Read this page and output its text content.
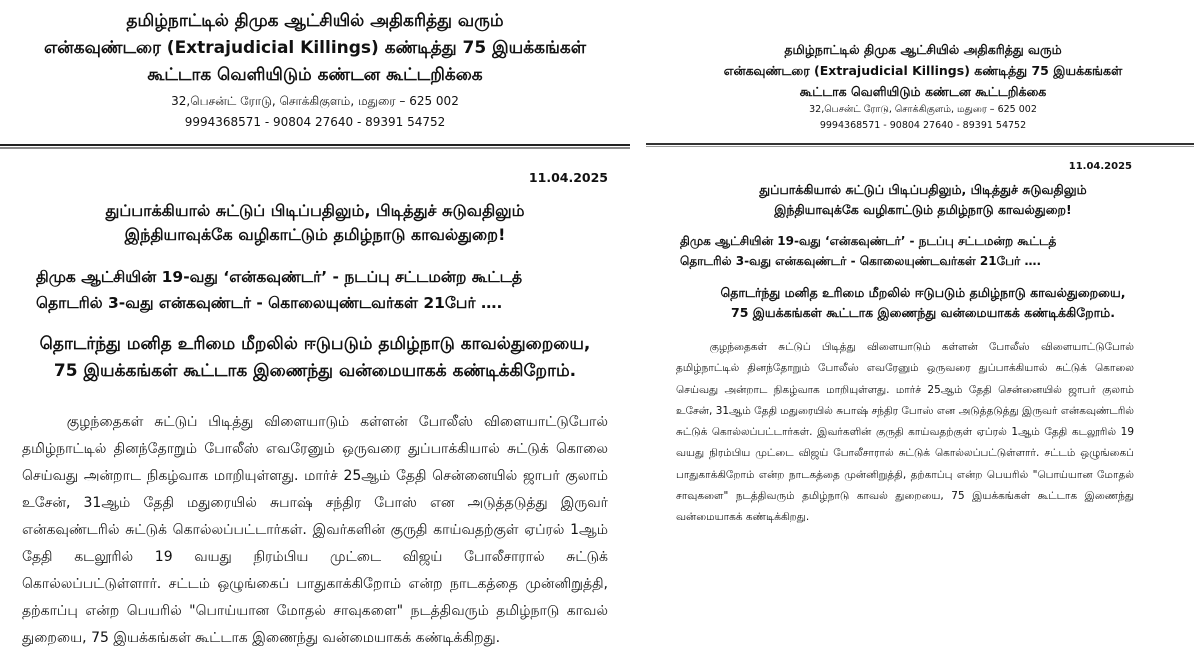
தமிழ்நாட்டில் திமுக ஆட்சியில் அதிகரித்து வரும்
என்கவுண்டரை (Extrajudicial Killings) கண்டித்து 75 இயக்கங்கள்
கூட்டாக வெளியிடும் கண்டன கூட்டறிக்கை
32,பெசன்ட் ரோடு, சொக்கிகுளம், மதுரை – 625 002
9994368571 - 90804 27640 - 89391 54752
11.04.2025
துப்பாக்கியால் சுட்டுப் பிடிப்பதிலும், பிடித்துச் சுடுவதிலும்
இந்தியாவுக்கே வழிகாட்டும் தமிழ்நாடு காவல்துறை!
திமுக ஆட்சியின் 19-வது ‘என்கவுண்டர்’ - நடப்பு சட்டமன்ற கூட்டத்
தொடரில் 3-வது என்கவுண்டர் - கொலையுண்டவர்கள் 21பேர் ….
தொடர்ந்து மனித உரிமை மீறலில் ஈடுபடும் தமிழ்நாடு காவல்துறையை,
75 இயக்கங்கள் கூட்டாக இணைந்து வன்மையாகக் கண்டிக்கிறோம்.
குழந்தைகள் சுட்டுப் பிடித்து விளையாடும் கள்ளன் போலீஸ் விளையாட்டுபோல் தமிழ்நாட்டில் தினந்தோறும் போலீஸ் எவரேனும் ஒருவரை துப்பாக்கியால் சுட்டுக் கொலை செய்வது அன்றாட நிகழ்வாக மாறியுள்ளது. மார்ச் 25ஆம் தேதி சென்னையில் ஜாபர் குலாம் உசேன், 31ஆம் தேதி மதுரையில் சுபாஷ் சந்திர போஸ் என அடுத்தடுத்து இருவர் என்கவுண்டரில் சுட்டுக் கொல்லப்பட்டார்கள். இவர்களின் குருதி காய்வதற்குள் ஏப்ரல் 1ஆம் தேதி கடலூரில் 19 வயது நிரம்பிய முட்டை விஜய் போலீசாரால் சுட்டுக் கொல்லப்பட்டுள்ளார். சட்டம் ஒழுங்கைப் பாதுகாக்கிறோம் என்ற நாடகத்தை முன்னிறுத்தி, தற்காப்பு என்ற பெயரில் "பொய்யான மோதல் சாவுகளை" நடத்திவரும் தமிழ்நாடு காவல் துறையை, 75 இயக்கங்கள் கூட்டாக இணைந்து வன்மையாகக் கண்டிக்கிறது.
தமிழ்நாட்டில் திமுக ஆட்சியில் அதிகரித்து வரும்
என்கவுண்டரை (Extrajudicial Killings) கண்டித்து 75 இயக்கங்கள்
கூட்டாக வெளியிடும் கண்டன கூட்டறிக்கை
32,பெசன்ட் ரோடு, சொக்கிகுளம், மதுரை – 625 002
9994368571 - 90804 27640 - 89391 54752
11.04.2025
துப்பாக்கியால் சுட்டுப் பிடிப்பதிலும், பிடித்துச் சுடுவதிலும்
இந்தியாவுக்கே வழிகாட்டும் தமிழ்நாடு காவல்துறை!
திமுக ஆட்சியின் 19-வது ‘என்கவுண்டர்’ - நடப்பு சட்டமன்ற கூட்டத்
தொடரில் 3-வது என்கவுண்டர் - கொலையுண்டவர்கள் 21பேர் ….
தொடர்ந்து மனித உரிமை மீறலில் ஈடுபடும் தமிழ்நாடு காவல்துறையை,
75 இயக்கங்கள் கூட்டாக இணைந்து வன்மையாகக் கண்டிக்கிறோம்.
குழந்தைகள் சுட்டுப் பிடித்து விளையாடும் கள்ளன் போலீஸ் விளையாட்டுபோல் தமிழ்நாட்டில் தினந்தோறும் போலீஸ் எவரேனும் ஒருவரை துப்பாக்கியால் சுட்டுக் கொலை செய்வது அன்றாட நிகழ்வாக மாறியுள்ளது. மார்ச் 25ஆம் தேதி சென்னையில் ஜாபர் குலாம் உசேன், 31ஆம் தேதி மதுரையில் சுபாஷ் சந்திர போஸ் என அடுத்தடுத்து இருவர் என்கவுண்டரில் சுட்டுக் கொல்லப்பட்டார்கள். இவர்களின் குருதி காய்வதற்குள் ஏப்ரல் 1ஆம் தேதி கடலூரில் 19 வயது நிரம்பிய முட்டை விஜய் போலீசாரால் சுட்டுக் கொல்லப்பட்டுள்ளார். சட்டம் ஒழுங்கைப் பாதுகாக்கிறோம் என்ற நாடகத்தை முன்னிறுத்தி, தற்காப்பு என்ற பெயரில் "பொய்யான மோதல் சாவுகளை" நடத்திவரும் தமிழ்நாடு காவல் துறையை, 75 இயக்கங்கள் கூட்டாக இணைந்து வன்மையாகக் கண்டிக்கிறது.
